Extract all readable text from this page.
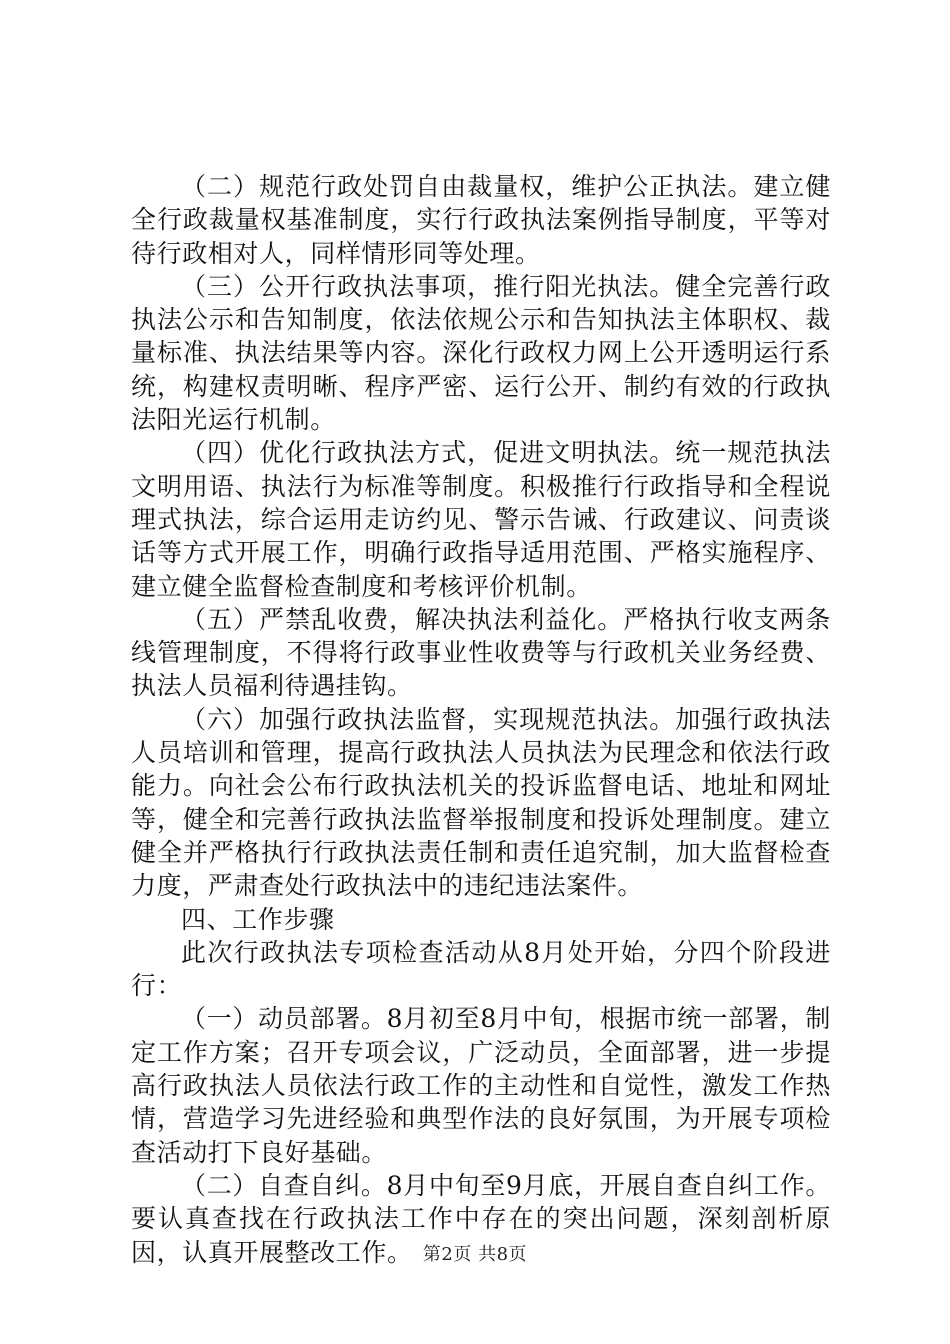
（二）规范行政处罚自由裁量权，维护公正执法。建立健全行政裁量权基准制度，实行行政执法案例指导制度，平等对待行政相对人，同样情形同等处理。

（三）公开行政执法事项，推行阳光执法。健全完善行政执法公示和告知制度，依法依规公示和告知执法主体职权、裁量标准、执法结果等内容。深化行政权力网上公开透明运行系统，构建权责明晰、程序严密、运行公开、制约有效的行政执法阳光运行机制。

（四）优化行政执法方式，促进文明执法。统一规范执法文明用语、执法行为标准等制度。积极推行行政指导和全程说理式执法，综合运用走访约见、警示告诫、行政建议、问责谈话等方式开展工作，明确行政指导适用范围、严格实施程序、建立健全监督检查制度和考核评价机制。

（五）严禁乱收费，解决执法利益化。严格执行收支两条线管理制度，不得将行政事业性收费等与行政机关业务经费、执法人员福利待遇挂钩。

（六）加强行政执法监督，实现规范执法。加强行政执法人员培训和管理，提高行政执法人员执法为民理念和依法行政能力。向社会公布行政执法机关的投诉监督电话、地址和网址等，健全和完善行政执法监督举报制度和投诉处理制度。建立健全并严格执行行政执法责任制和责任追究制，加大监督检查力度，严肃查处行政执法中的违纪违法案件。

四、工作步骤

此次行政执法专项检查活动从8月处开始，分四个阶段进行：

（一）动员部署。8月初至8月中旬，根据市统一部署，制定工作方案；召开专项会议，广泛动员，全面部署，进一步提高行政执法人员依法行政工作的主动性和自觉性，激发工作热情，营造学习先进经验和典型作法的良好氛围，为开展专项检查活动打下良好基础。

（二）自查自纠。8月中旬至9月底，开展自查自纠工作。要认真查找在行政执法工作中存在的突出问题，深刻剖析原因，认真开展整改工作。 第2页 共8页
